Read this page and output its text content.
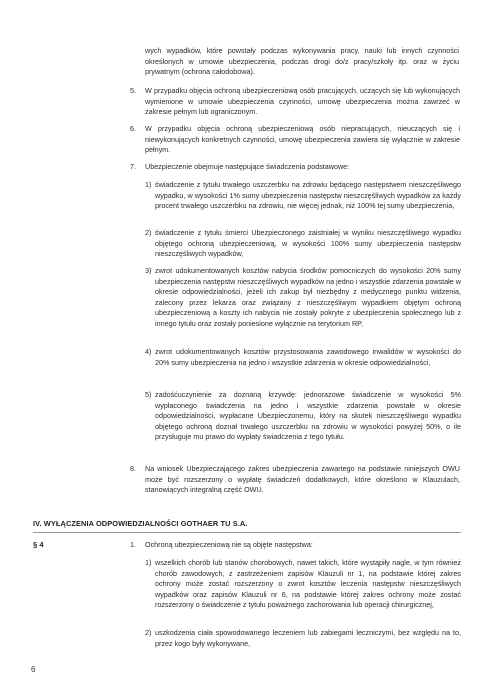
wych wypadków, które powstały podczas wykonywania pracy, nauki lub innych czynności określonych w umowie ubezpieczenia, podczas drogi do/z pracy/szkoły itp. oraz w życiu prywatnym (ochrona całodobowa).
5.	W przypadku objęcia ochroną ubezpieczeniową osób pracujących, uczących się lub wykonujących wymienione w umowie ubezpieczenia czynności, umowę ubezpieczenia można zawrzeć w zakresie pełnym lub ograniczonym.
6.	W przypadku objęcia ochroną ubezpieczeniową osób niepracujących, nieuczących się i niewykonujących konkretnych czynności, umowę ubezpieczenia zawiera się wyłącznie w zakresie pełnym.
7.	Ubezpieczenie obejmuje następujące świadczenia podstawowe:
1) świadczenie z tytułu trwałego uszczerbku na zdrowiu będącego następstwem nieszczęśliwego wypadku, w wysokości 1% sumy ubezpieczenia następstw nieszczęśliwych wypadków za każdy procent trwałego uszczerbku na zdrowiu, nie więcej jednak, niż 100% tej sumy ubezpieczenia,
2) świadczenie z tytułu śmierci Ubezpieczonego zaistniałej w wyniku nieszczęśliwego wypadku objętego ochroną ubezpieczeniową, w wysokości 100% sumy ubezpieczenia następstw nieszczęśliwych wypadków,
3) zwrot udokumentowanych kosztów nabycia środków pomocniczych do wysokości 20% sumy ubezpieczenia następstw nieszczęśliwych wypadków na jedno i wszystkie zdarzenia powstałe w okresie odpowiedzialności, jeżeli ich zakup był niezbędny z medycznego punktu widzenia, zalecony przez lekarza oraz związany z nieszczęśliwym wypadkiem objętym ochroną ubezpieczeniową a koszty ich nabycia nie zostały pokryte z ubezpieczenia społecznego lub z innego tytułu oraz zostały poniesione wyłącznie na terytorium RP,
4) zwrot udokumentowanych kosztów przystosowania zawodowego inwalidów w wysokości do 20% sumy ubezpieczenia na jedno i wszystkie zdarzenia w okresie odpowiedzialności,
5) zadośćuczynienie za doznaną krzywdę: jednorazowe świadczenie w wysokości 5% wypłaconego świadczenia na jedno i wszystkie zdarzenia powstałe w okresie odpowiedzialności, wypłacane Ubezpieczonemu, który na skutek nieszczęśliwego wypadku objętego ochroną doznał trwałego uszczerbku na zdrowiu w wysokości powyżej 50%, o ile przysługuje mu prawo do wypłaty świadczenia z tego tytułu.
8.	Na wniosek Ubezpieczającego zakres ubezpieczenia zawartego na podstawie niniejszych OWU może być rozszerzony o wypłatę świadczeń dodatkowych, które określono w Klauzulach, stanowiących integralną część OWU.
IV. WYŁĄCZENIA ODPOWIEDZIALNOŚCI GOTHAER TU S.A.
§ 4	1.	Ochroną ubezpieczeniową nie są objęte następstwa:
1) wszelkich chorób lub stanów chorobowych, nawet takich, które wystąpiły nagle, w tym również chorób zawodowych, z zastrzeżeniem zapisów Klauzuli nr 1, na podstawie której zakres ochrony może zostać rozszerzony o zwrot kosztów leczenia następstw nieszczęśliwych wypadków oraz zapisów Klauzuli nr 6, na podstawie której zakres ochrony może zostać rozszerzony o świadczenie z tytułu poważnego zachorowania lub operacji chirurgicznej,
2) uszkodzenia ciała spowodowanego leczeniem lub zabiegami leczniczymi, bez względu na to, przez kogo były wykonywane,
6
